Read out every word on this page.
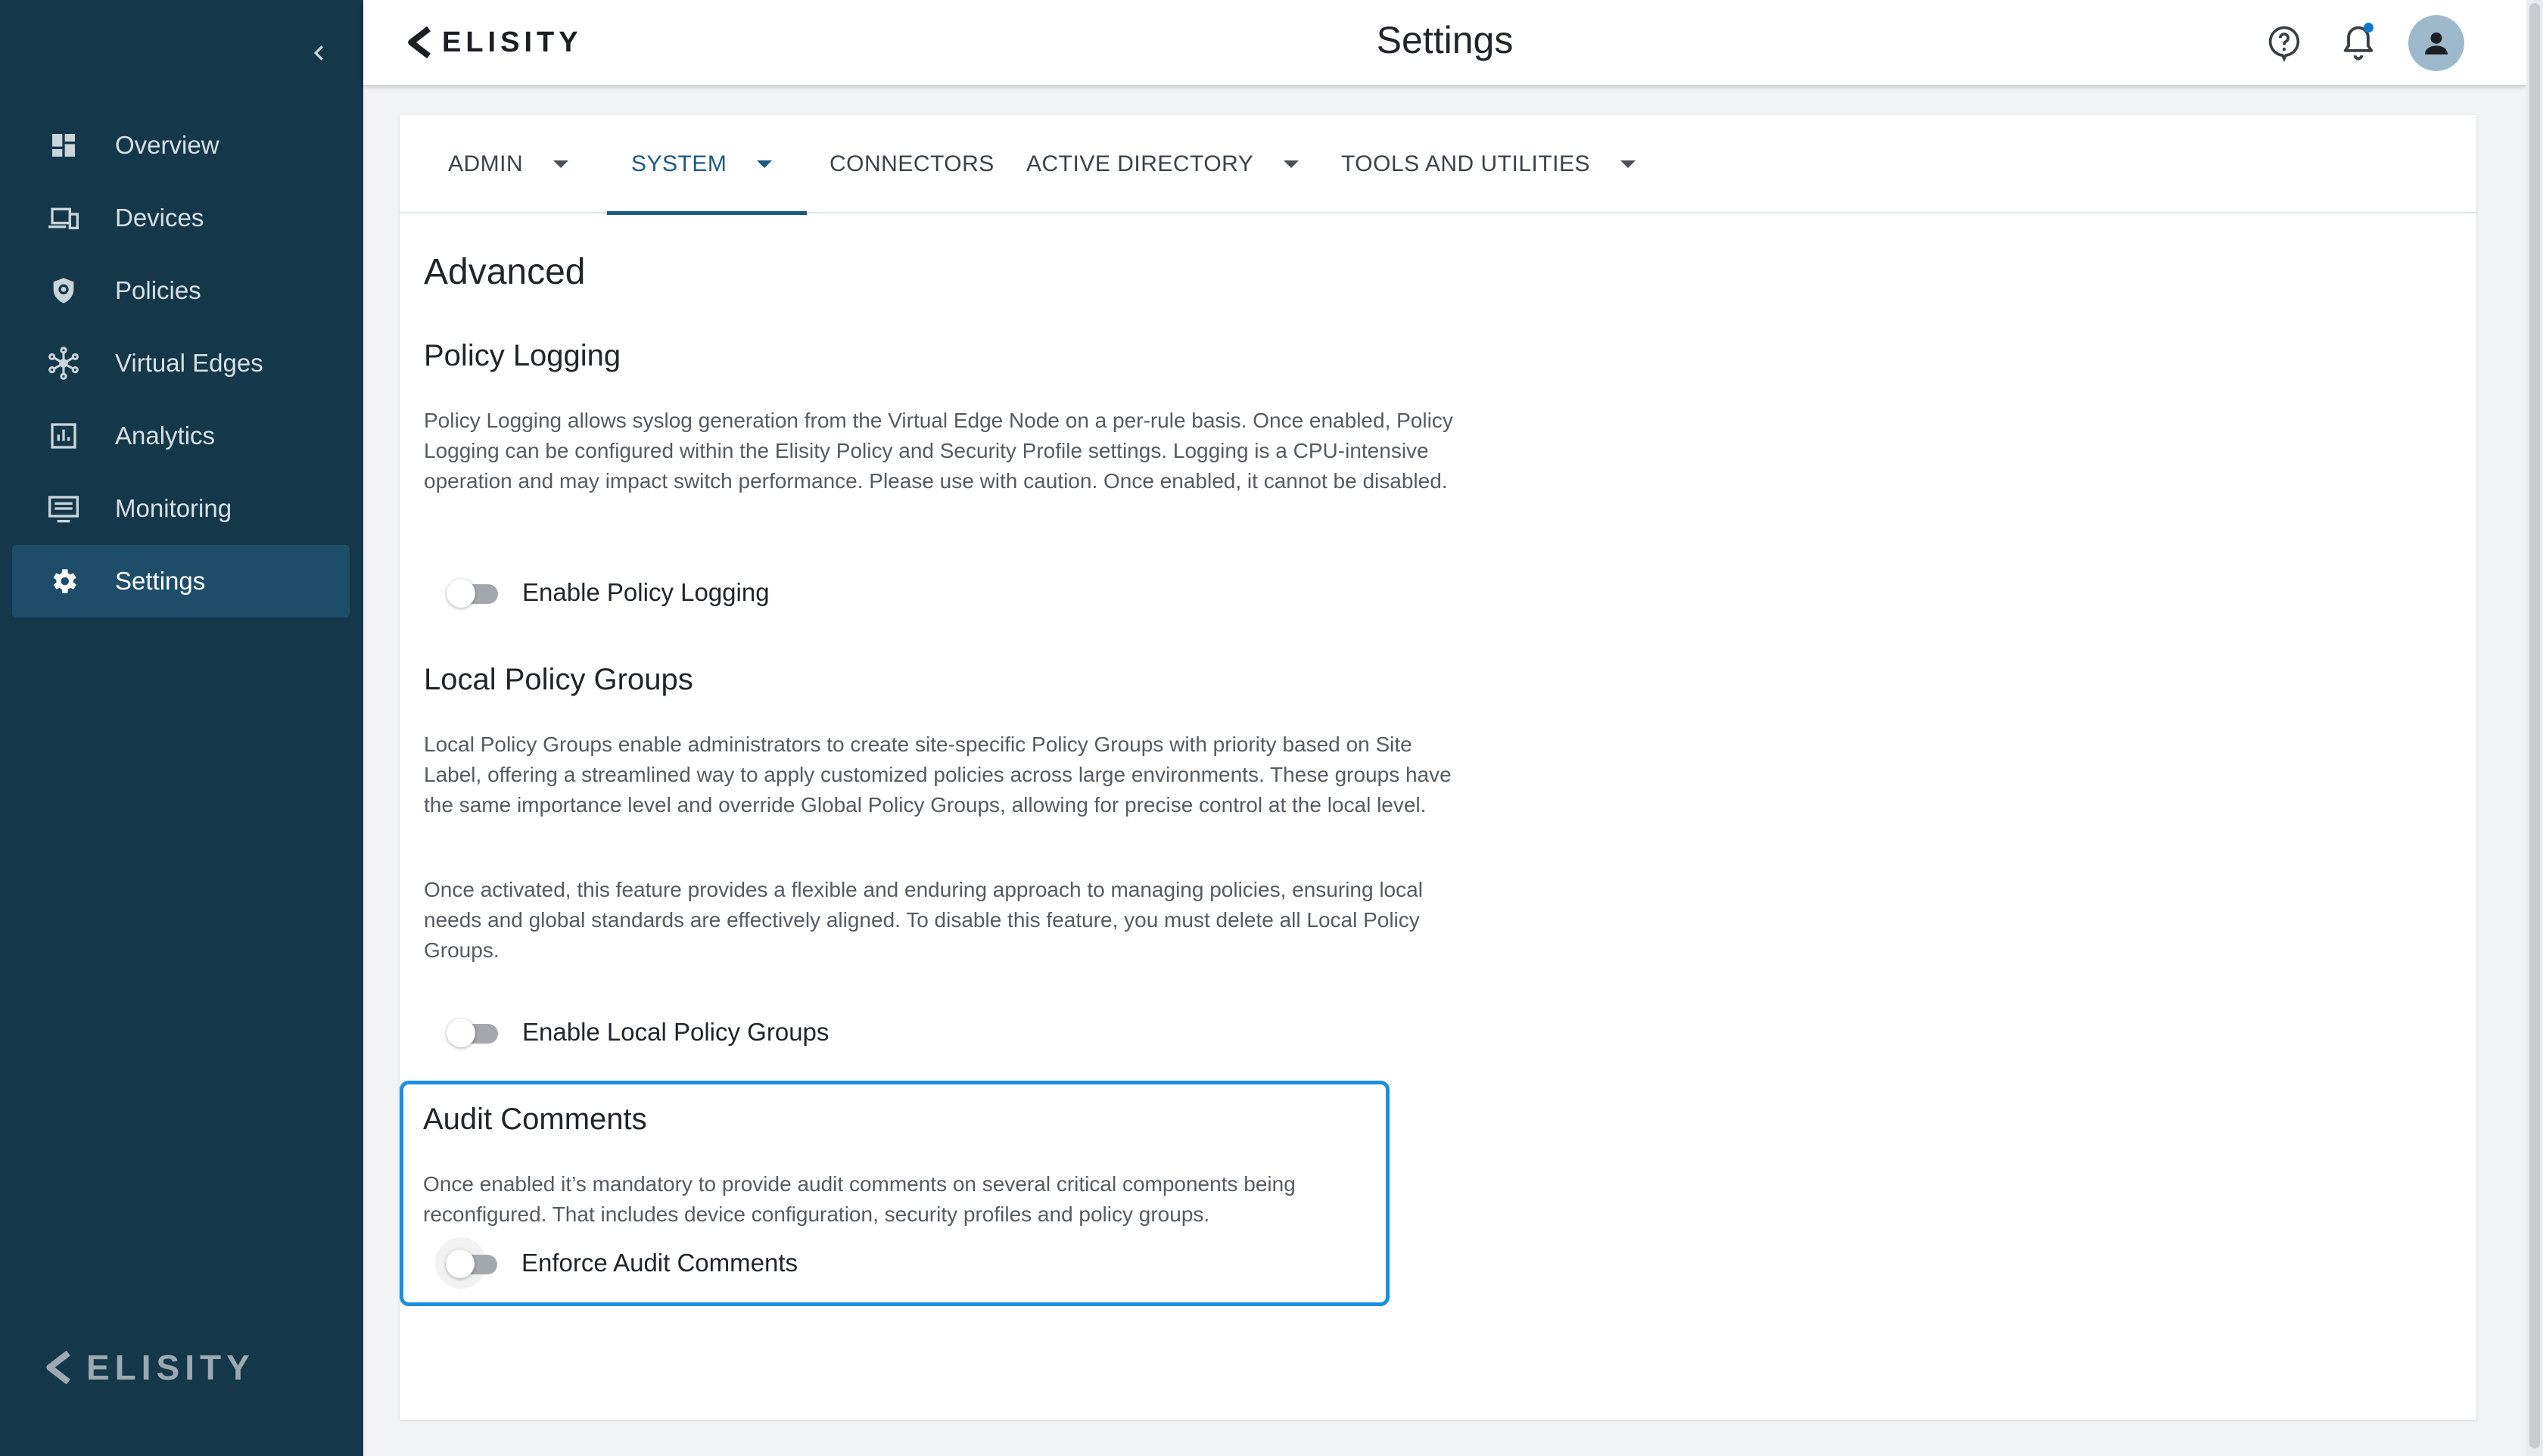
Overview
Devices
Policies
Virtual Edges
Analytics
Monitoring
Settings
ELISITY
ELISITY	Settings
ADMIN	SYSTEM	CONNECTORS ACTIVE DIRECTORY	TOOLS AND UTILITIES
Advanced
Policy Logging

Policy Logging allows syslog generation from the Virtual Edge Node on a per-rule basis. Once enabled, Policy Logging can be configured within the Elisity Policy and Security Profile settings. Logging is a CPU-intensive operation and may impact switch performance. Please use with caution. Once enabled, it cannot be disabled.

Enable Policy Logging
Local Policy Groups

Local Policy Groups enable administrators to create site-specific Policy Groups with priority based on Site Label, offering a streamlined way to apply customized policies across large environments. These groups have the same importance level and override Global Policy Groups, allowing for precise control at the local level.

Once activated, this feature provides a flexible and enduring approach to managing policies, ensuring local needs and global standards are effectively aligned. To disable this feature, you must delete all Local Policy Groups.

Enable Local Policy Groups
Audit Comments

Once enabled it’s mandatory to provide audit comments on several critical components being reconfigured. That includes device configuration, security profiles and policy groups.

Enforce Audit Comments
